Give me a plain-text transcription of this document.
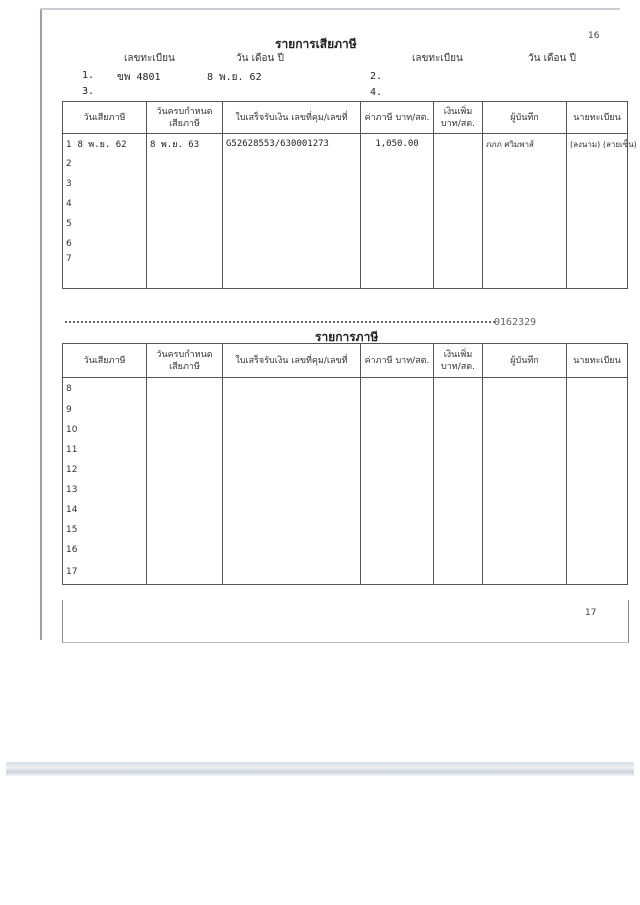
16
รายการเสียภาษี
เลขทะเบียน	วัน เดือน ปี	เลขทะเบียน	วัน เดือน ปี
1. ขพ 4801	8 พ.ย. 62	2.
3.	4.
วันเสียภาษี	วันครบกำหนด เสียภาษี	ใบเสร็จรับเงิน เลขที่คุม/เลขที่	ค่าภาษี บาท/สต.	เงินเพิ่ม บาท/สต.	ผู้บันทึก	นายทะเบียน
1 8 พ.ย. 62	8 พ.ย. 63	G52628553/630001273	1,050.00		ภภภ ศวิมพาส์	(ลงนาม) (ลายเซ็น)
2						
3						
4						
5						
6						
7						
0162329
รายการภาษี
วันเสียภาษี	วันครบกำหนด เสียภาษี	ใบเสร็จรับเงิน เลขที่คุม/เลขที่	ค่าภาษี บาท/สต.	เงินเพิ่ม บาท/สต.	ผู้บันทึก	นายทะเบียน
8						
9						
10						
11						
12						
13						
14						
15						
16						
17						
17
